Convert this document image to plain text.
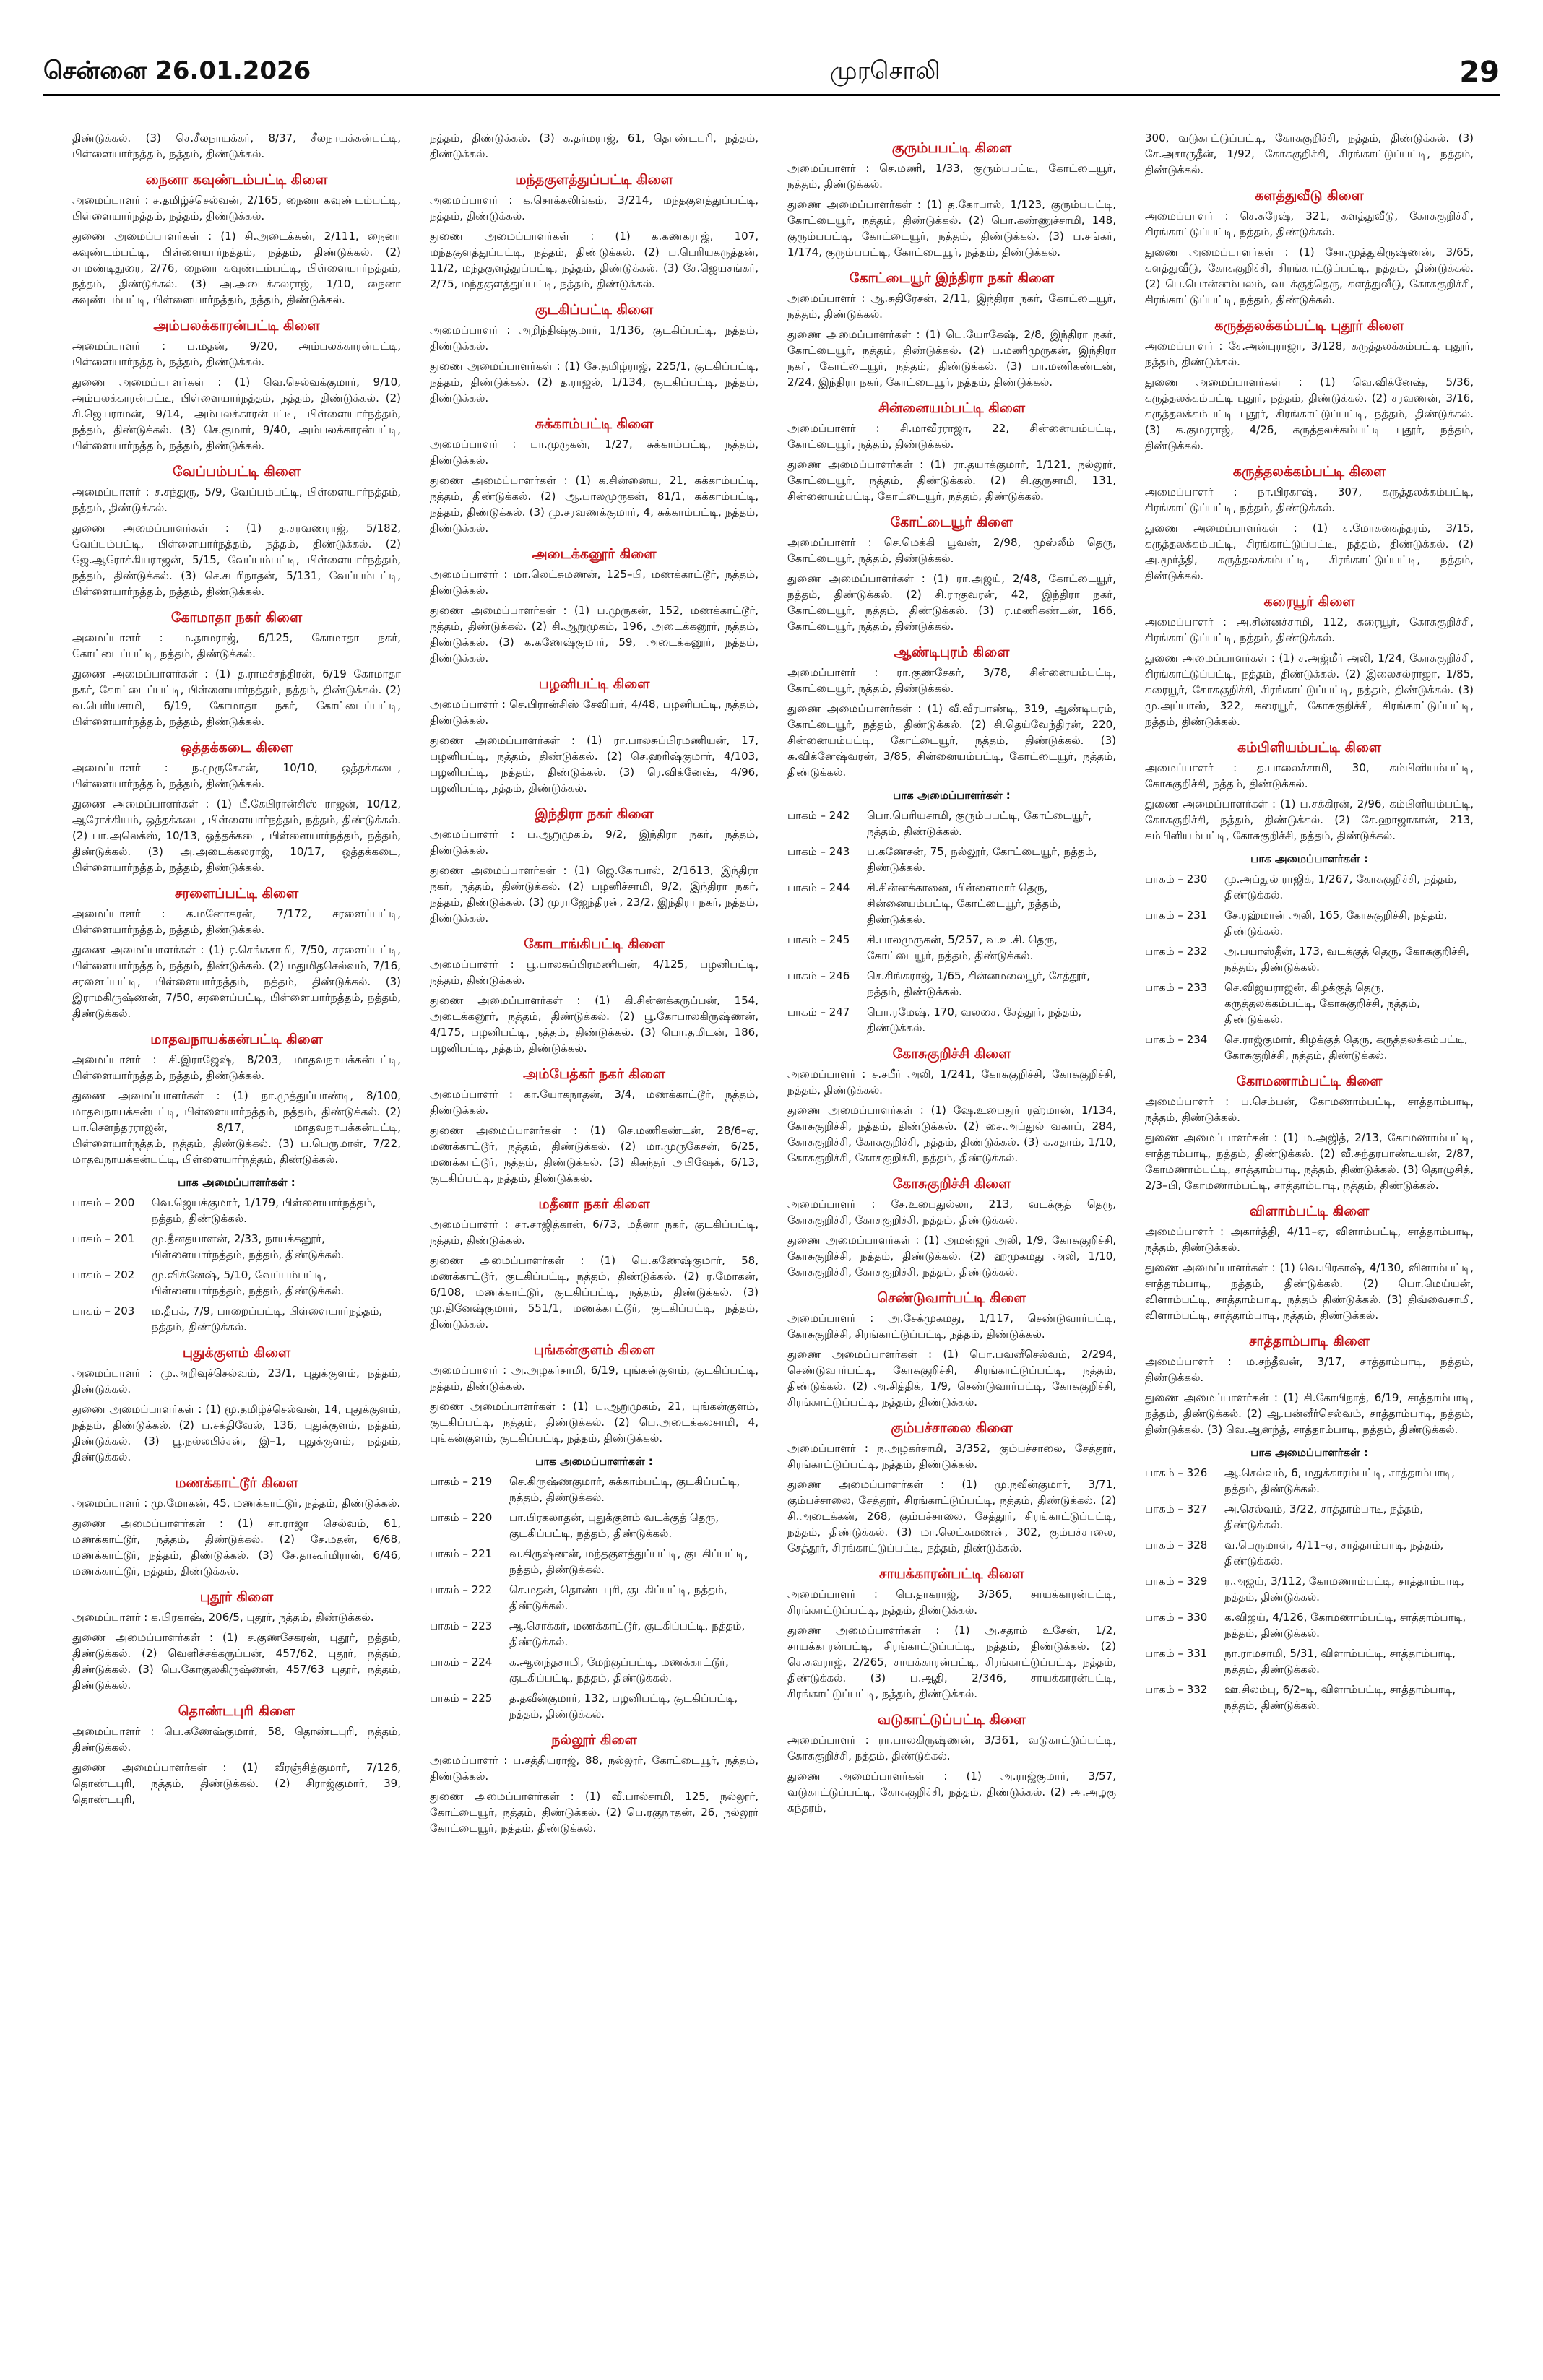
சென்னை 26.01.2026	முரசொலி	29

திண்டுக்கல். (3) செ.சீலநாயக்கர், 8/37, சீலநாயக்கன்பட்டி, பிள்ளையார்நத்தம், நத்தம், திண்டுக்கல்.

நைனா கவுண்டம்பட்டி கிளை

அமைப்பாளர் : ச.தமிழ்ச்செல்வன், 2/165, நைனா கவுண்டம்பட்டி, பிள்ளையார்நத்தம், நத்தம், திண்டுக்கல்.

துணை அமைப்பாளர்கள் : (1) சி.அடைக்கன், 2/111, நைனா கவுண்டம்பட்டி, பிள்ளையார்நத்தம், நத்தம், திண்டுக்கல். (2) சாமண்டிதுரை, 2/76, நைனா கவுண்டம்பட்டி, பிள்ளையார்நத்தம், நத்தம், திண்டுக்கல். (3) அ.அடைக்கலராஜ், 1/10, நைனா கவுண்டம்பட்டி, பிள்ளையார்நத்தம், நத்தம், திண்டுக்கல்.

அம்பலக்காரன்பட்டி கிளை

அமைப்பாளர் : ப.மதன், 9/20, அம்பலக்காரன்பட்டி, பிள்ளையார்நத்தம், நத்தம், திண்டுக்கல்.

துணை அமைப்பாளர்கள் : (1) வெ.செல்வக்குமார், 9/10, அம்பலக்காரன்பட்டி, பிள்ளையார்நத்தம், நத்தம், திண்டுக்கல். (2) சி.ஜெயராமன், 9/14, அம்பலக்காரன்பட்டி, பிள்ளையார்நத்தம், நத்தம், திண்டுக்கல். (3) செ.குமார், 9/40, அம்பலக்காரன்பட்டி, பிள்ளையார்நத்தம், நத்தம், திண்டுக்கல்.

வேப்பம்பட்டி கிளை

அமைப்பாளர் : ச.சந்துரு, 5/9, வேப்பம்பட்டி, பிள்ளையார்நத்தம், நத்தம், திண்டுக்கல்.

துணை அமைப்பாளர்கள் : (1) த.சரவணராஜ், 5/182, வேப்பம்பட்டி, பிள்ளையார்நத்தம், நத்தம், திண்டுக்கல். (2) ஜே.ஆரோக்கியராஜன், 5/15, வேப்பம்பட்டி, பிள்ளையார்நத்தம், நத்தம், திண்டுக்கல். (3) செ.சபரிநாதன், 5/131, வேப்பம்பட்டி, பிள்ளையார்நத்தம், நத்தம், திண்டுக்கல்.

கோமாதா நகர் கிளை

அமைப்பாளர் : ம.தாமராஜ், 6/125, கோமாதா நகர், கோட்டைப்பட்டி, நத்தம், திண்டுக்கல்.

துணை அமைப்பாளர்கள் : (1) த.ராமச்சந்திரன், 6/19 கோமாதா நகர், கோட்டைப்பட்டி, பிள்ளையார்நத்தம், நத்தம், திண்டுக்கல். (2) வ.பெரியசாமி, 6/19, கோமாதா நகர், கோட்டைப்பட்டி, பிள்ளையார்நத்தம், நத்தம், திண்டுக்கல்.

ஒத்தக்கடை கிளை

அமைப்பாளர் : ந.முருகேசன், 10/10, ஒத்தக்கடை, பிள்ளையார்நத்தம், நத்தம், திண்டுக்கல்.

துணை அமைப்பாளர்கள் : (1) பீ.கேபிரான்சிஸ் ராஜன், 10/12, ஆரோக்கியம், ஒத்தக்கடை, பிள்ளையார்நத்தம், நத்தம், திண்டுக்கல். (2) பா.அலெக்ஸ், 10/13, ஒத்தக்கடை, பிள்ளையார்நத்தம், நத்தம், திண்டுக்கல். (3) அ.அடைக்கலராஜ், 10/17, ஒத்தக்கடை, பிள்ளையார்நத்தம், நத்தம், திண்டுக்கல்.

சரளைப்பட்டி கிளை

அமைப்பாளர் : க.மனோகரன், 7/172, சரளைப்பட்டி, பிள்ளையார்நத்தம், நத்தம், திண்டுக்கல்.

துணை அமைப்பாளர்கள் : (1) ர.செங்கசாமி, 7/50, சரளைப்பட்டி, பிள்ளையார்நத்தம், நத்தம், திண்டுக்கல். (2) மதுமிதசெல்வம், 7/16, சரளைப்பட்டி, பிள்ளையார்நத்தம், நத்தம், திண்டுக்கல். (3) இராமகிருஷ்ணன், 7/50, சரளைப்பட்டி, பிள்ளையார்நத்தம், நத்தம், திண்டுக்கல்.

மாதவநாயக்கன்பட்டி கிளை

அமைப்பாளர் : சி.இராஜேஷ், 8/203, மாதவநாயக்கன்பட்டி, பிள்ளையார்நத்தம், நத்தம், திண்டுக்கல்.

துணை அமைப்பாளர்கள் : (1) நா.முத்துப்பாண்டி, 8/100, மாதவநாயக்கன்பட்டி, பிள்ளையார்நத்தம், நத்தம், திண்டுக்கல். (2) பா.செளந்தரராஜன், 8/17, மாதவநாயக்கன்பட்டி, பிள்ளையார்நத்தம், நத்தம், திண்டுக்கல். (3) ப.பெருமாள், 7/22, மாதவநாயக்கன்பட்டி, பிள்ளையார்நத்தம், திண்டுக்கல்.

பாக அமைப்பாளர்கள் :
பாகம் – 200	வெ.ஜெயக்குமார், 1/179, பிள்ளையார்நத்தம், நத்தம், திண்டுக்கல்.
பாகம் – 201	மு.தீனதயாளன், 2/33, நாயக்கனூர், பிள்ளையார்நத்தம், நத்தம், திண்டுக்கல்.
பாகம் – 202	மு.விக்னேஷ், 5/10, வேப்பம்பட்டி, பிள்ளையார்நத்தம், நத்தம், திண்டுக்கல்.
பாகம் – 203	ம.தீபக், 7/9, பாறைப்பட்டி, பிள்ளையார்நத்தம், நத்தம், திண்டுக்கல்.
புதுக்குளம் கிளை

அமைப்பாளர் : மு.அறிவுச்செல்வம், 23/1, புதுக்குளம், நத்தம், திண்டுக்கல்.

துணை அமைப்பாளர்கள் : (1) மூ.தமிழ்ச்செல்வன், 14, புதுக்குளம், நத்தம், திண்டுக்கல். (2) ப.சக்திவேல், 136, புதுக்குளம், நத்தம், திண்டுக்கல். (3) பூ.நல்லபிச்சன், இ–1, புதுக்குளம், நத்தம், திண்டுக்கல்.

மணக்காட்டூர் கிளை

அமைப்பாளர் : மு.மோகன், 45, மணக்காட்டூர், நத்தம், திண்டுக்கல்.

துணை அமைப்பாளர்கள் : (1) சா.ராஜா செல்வம், 61, மணக்காட்டூர், நத்தம், திண்டுக்கல். (2) சே.மதன், 6/68, மணக்காட்டூர், நத்தம், திண்டுக்கல். (3) சே.தாகூர்மிரான், 6/46, மணக்காட்டூர், நத்தம், திண்டுக்கல்.

புதூர் கிளை

அமைப்பாளர் : க.பிரகாஷ், 206/5, புதூர், நத்தம், திண்டுக்கல்.

துணை அமைப்பாளர்கள் : (1) ச.குணசேகரன், புதூர், நத்தம், திண்டுக்கல். (2) வெளிச்சக்கருப்பன், 457/62, புதூர், நத்தம், திண்டுக்கல். (3) பெ.கோகுலகிருஷ்ணன், 457/63 புதூர், நத்தம், திண்டுக்கல்.

தொண்டபுரி கிளை

அமைப்பாளர் : பெ.கணேஷ்குமார், 58, தொண்டபுரி, நத்தம், திண்டுக்கல்.

துணை அமைப்பாளர்கள் : (1) வீரஞ்சித்குமார், 7/126, தொண்டபுரி, நத்தம், திண்டுக்கல். (2) சிராஜ்குமார், 39, தொண்டபுரி,

நத்தம், திண்டுக்கல். (3) க.தர்மராஜ், 61, தொண்டபுரி, நத்தம், திண்டுக்கல்.

மந்தகுளத்துப்பட்டி கிளை

அமைப்பாளர் : க.சொக்கலிங்கம், 3/214, மந்தகுளத்துப்பட்டி, நத்தம், திண்டுக்கல்.

துணை அமைப்பாளர்கள் : (1) க.கணகராஜ், 107, மந்தகுளத்துப்பட்டி, நத்தம், திண்டுக்கல். (2) ப.பெரியகருத்தன், 11/2, மந்தகுளத்துப்பட்டி, நத்தம், திண்டுக்கல். (3) சே.ஜெயசங்கர், 2/75, மந்தகுளத்துப்பட்டி, நத்தம், திண்டுக்கல்.

குடகிப்பட்டி கிளை

அமைப்பாளர் : அறிந்திஷ்குமார், 1/136, குடகிப்பட்டி, நத்தம், திண்டுக்கல்.

துணை அமைப்பாளர்கள் : (1) சே.தமிழ்ராஜ், 225/1, குடகிப்பட்டி, நத்தம், திண்டுக்கல். (2) த.ராஜல், 1/134, குடகிப்பட்டி, நத்தம், திண்டுக்கல்.

சுக்காம்பட்டி கிளை

அமைப்பாளர் : பா.முருகன், 1/27, சுக்காம்பட்டி, நத்தம், திண்டுக்கல்.

துணை அமைப்பாளர்கள் : (1) க.சின்னைய, 21, சுக்காம்பட்டி, நத்தம், திண்டுக்கல். (2) ஆ.பாலமுருகன், 81/1, சுக்காம்பட்டி, நத்தம், திண்டுக்கல். (3) மு.சரவணக்குமார், 4, சுக்காம்பட்டி, நத்தம், திண்டுக்கல்.

அடைக்கனூர் கிளை

அமைப்பாளர் : மா.லெட்சுமணன், 125–பி, மணக்காட்டூர், நத்தம், திண்டுக்கல்.

துணை அமைப்பாளர்கள் : (1) ப.முருகன், 152, மணக்காட்டூர், நத்தம், திண்டுக்கல். (2) சி.ஆறுமுகம், 196, அடைக்கனூர், நத்தம், திண்டுக்கல். (3) க.கணேஷ்குமார், 59, அடைக்கனூர், நத்தம், திண்டுக்கல்.

பழனிபட்டி கிளை

அமைப்பாளர் : செ.பிரான்சிஸ் சேவியர், 4/48, பழனிபட்டி, நத்தம், திண்டுக்கல்.

துணை அமைப்பாளர்கள் : (1) ரா.பாலசுப்பிரமணியன், 17, பழனிபட்டி, நத்தம், திண்டுக்கல். (2) செ.ஹரிஷ்குமார், 4/103, பழனிபட்டி, நத்தம், திண்டுக்கல். (3) ரெ.விக்னேஷ், 4/96, பழனிபட்டி, நத்தம், திண்டுக்கல்.

இந்திரா நகர் கிளை

அமைப்பாளர் : ப.ஆறுமுகம், 9/2, இந்திரா நகர், நத்தம், திண்டுக்கல்.

துணை அமைப்பாளர்கள் : (1) ஜெ.கோபால், 2/1613, இந்திரா நகர், நத்தம், திண்டுக்கல். (2) பழனிச்சாமி, 9/2, இந்திரா நகர், நத்தம், திண்டுக்கல். (3) முராஜேந்திரன், 23/2, இந்திரா நகர், நத்தம், திண்டுக்கல்.

கோடாங்கிபட்டி கிளை

அமைப்பாளர் : பூ.பாலசுப்பிரமணியன், 4/125, பழனிபட்டி, நத்தம், திண்டுக்கல்.

துணை அமைப்பாளர்கள் : (1) கி.சின்னக்கருப்பன், 154, அடைக்கனூர், நத்தம், திண்டுக்கல். (2) பூ.கோபாலகிருஷ்ணன், 4/175, பழனிபட்டி, நத்தம், திண்டுக்கல். (3) பொ.தமிடன், 186, பழனிபட்டி, நத்தம், திண்டுக்கல்.

அம்பேத்கர் நகர் கிளை

அமைப்பாளர் : கா.யோகநாதன், 3/4, மணக்காட்டூர், நத்தம், திண்டுக்கல்.

துணை அமைப்பாளர்கள் : (1) செ.மணிகண்டன், 28/6–ஏ, மணக்காட்டூர், நத்தம், திண்டுக்கல். (2) மா.முருகேசன், 6/25, மணக்காட்டூர், நத்தம், திண்டுக்கல். (3) கிசுந்தர் அபிஷேக், 6/13, குடகிப்பட்டி, நத்தம், திண்டுக்கல்.

மதீனா நகர் கிளை

அமைப்பாளர் : சா.சாஜித்கான், 6/73, மதீனா நகர், குடகிப்பட்டி, நத்தம், திண்டுக்கல்.

துணை அமைப்பாளர்கள் : (1) பெ.கணேஷ்குமார், 58, மணக்காட்டூர், குடகிப்பட்டி, நத்தம், திண்டுக்கல். (2) ர.மோகன், 6/108, மணக்காட்டூர், குடகிப்பட்டி, நத்தம், திண்டுக்கல். (3) மு.தினேஷ்குமார், 551/1, மணக்காட்டூர், குடகிப்பட்டி, நத்தம், திண்டுக்கல்.

புங்கன்குளம் கிளை

அமைப்பாளர் : அ.அழகர்சாமி, 6/19, புங்கன்குளம், குடகிப்பட்டி, நத்தம், திண்டுக்கல்.

துணை அமைப்பாளர்கள் : (1) ப.ஆறுமுகம், 21, புங்கன்குளம், குடகிப்பட்டி, நத்தம், திண்டுக்கல். (2) பெ.அடைக்கலசாமி, 4, புங்கன்குளம், குடகிப்பட்டி, நத்தம், திண்டுக்கல்.

பாக அமைப்பாளர்கள் :
பாகம் – 219	செ.கிருஷ்ணகுமார், சுக்காம்பட்டி, குடகிப்பட்டி, நத்தம், திண்டுக்கல்.
பாகம் – 220	பா.பிரகலாதன், புதுக்குளம் வடக்குத் தெரு, குடகிப்பட்டி, நத்தம், திண்டுக்கல்.
பாகம் – 221	வ.கிருஷ்ணன், மந்தகுளத்துப்பட்டி, குடகிப்பட்டி, நத்தம், திண்டுக்கல்.
பாகம் – 222	செ.மதன், தொண்டபுரி, குடகிப்பட்டி, நத்தம், திண்டுக்கல்.
பாகம் – 223	ஆ.சொக்கர், மணக்காட்டூர், குடகிப்பட்டி, நத்தம், திண்டுக்கல்.
பாகம் – 224	க.ஆனந்தசாமி, மேற்குப்பட்டி, மணக்காட்டூர், குடகிப்பட்டி, நத்தம், திண்டுக்கல்.
பாகம் – 225	த.தவீன்குமார், 132, பழனிபட்டி, குடகிப்பட்டி, நத்தம், திண்டுக்கல்.
நல்லூர் கிளை

அமைப்பாளர் : ப.சத்தியராஜ், 88, நல்லூர், கோட்டையூர், நத்தம், திண்டுக்கல்.

துணை அமைப்பாளர்கள் : (1) வீ.பால்சாமி, 125, நல்லூர், கோட்டையூர், நத்தம், திண்டுக்கல். (2) பெ.ரகுநாதன், 26, நல்லூர் கோட்டையூர், நத்தம், திண்டுக்கல்.

குரும்பபட்டி கிளை

அமைப்பாளர் : செ.மணி, 1/33, குரும்பபட்டி, கோட்டையூர், நத்தம், திண்டுக்கல்.

துணை அமைப்பாளர்கள் : (1) த.கோபால், 1/123, குரும்பபட்டி, கோட்டையூர், நத்தம், திண்டுக்கல். (2) பொ.கண்ணுச்சாமி, 148, குரும்பபட்டி, கோட்டையூர், நத்தம், திண்டுக்கல். (3) ப.சங்கர், 1/174, குரும்பபட்டி, கோட்டையூர், நத்தம், திண்டுக்கல்.

கோட்டையூர் இந்திரா நகர் கிளை

அமைப்பாளர் : ஆ.சுதிரேசன், 2/11, இந்திரா நகர், கோட்டையூர், நத்தம், திண்டுக்கல்.

துணை அமைப்பாளர்கள் : (1) பெ.யோகேஷ், 2/8, இந்திரா நகர், கோட்டையூர், நத்தம், திண்டுக்கல். (2) ப.மணிமுருகன், இந்திரா நகர், கோட்டையூர், நத்தம், திண்டுக்கல். (3) பா.மணிகண்டன், 2/24, இந்திரா நகர், கோட்டையூர், நத்தம், திண்டுக்கல்.

சின்னையம்பட்டி கிளை

அமைப்பாளர் : சி.மாவீரராஜா, 22, சின்னையம்பட்டி, கோட்டையூர், நத்தம், திண்டுக்கல்.

துணை அமைப்பாளர்கள் : (1) ரா.தயாக்குமார், 1/121, நல்லூர், கோட்டையூர், நத்தம், திண்டுக்கல். (2) சி.குருசாமி, 131, சின்னையம்பட்டி, கோட்டையூர், நத்தம், திண்டுக்கல்.

கோட்டையூர் கிளை

அமைப்பாளர் : செ.மெக்கி பூவன், 2/98, முஸ்லீம் தெரு, கோட்டையூர், நத்தம், திண்டுக்கல்.

துணை அமைப்பாளர்கள் : (1) ரா.அஜய், 2/48, கோட்டையூர், நத்தம், திண்டுக்கல். (2) சி.ராகுவரன், 42, இந்திரா நகர், கோட்டையூர், நத்தம், திண்டுக்கல். (3) ர.மணிகண்டன், 166, கோட்டையூர், நத்தம், திண்டுக்கல்.

ஆண்டிபுரம் கிளை

அமைப்பாளர் : ரா.குணசேகர், 3/78, சின்னையம்பட்டி, கோட்டையூர், நத்தம், திண்டுக்கல்.

துணை அமைப்பாளர்கள் : (1) வீ.வீரபாண்டி, 319, ஆண்டிபுரம், கோட்டையூர், நத்தம், திண்டுக்கல். (2) சி.தெய்வேந்திரன், 220, சின்னையம்பட்டி, கோட்டையூர், நத்தம், திண்டுக்கல். (3) சு.விக்னேஷ்வரன், 3/85, சின்னையம்பட்டி, கோட்டையூர், நத்தம், திண்டுக்கல்.

பாக அமைப்பாளர்கள் :
பாகம் – 242	பொ.பெரியசாமி, குரும்பபட்டி, கோட்டையூர், நத்தம், திண்டுக்கல்.
பாகம் – 243	ப.கணேசன், 75, நல்லூர், கோட்டையூர், நத்தம், திண்டுக்கல்.
பாகம் – 244	சி.சின்னக்கானை, பிள்ளைமார் தெரு, சின்னையம்பட்டி, கோட்டையூர், நத்தம், திண்டுக்கல்.
பாகம் – 245	சி.பாலமுருகன், 5/257, வ.உ.சி. தெரு, கோட்டையூர், நத்தம், திண்டுக்கல்.
பாகம் – 246	செ.சிங்கராஜ், 1/65, சின்னமலையூர், சேத்தூர், நத்தம், திண்டுக்கல்.
பாகம் – 247	பொ.ரமேஷ், 170, வலசை, சேத்தூர், நத்தம், திண்டுக்கல்.
கோசுகுறிச்சி கிளை

அமைப்பாளர் : ச.சபீர் அலி, 1/241, கோசுகுறிச்சி, கோசுகுறிச்சி, நத்தம், திண்டுக்கல்.

துணை அமைப்பாளர்கள் : (1) ஷே.உபைதுர் ரஹ்மான், 1/134, கோசுகுறிச்சி, நத்தம், திண்டுக்கல். (2) சை.அப்துல் வகாப், 284, கோசுகுறிச்சி, கோசுகுறிச்சி, நத்தம், திண்டுக்கல். (3) க.சதாம், 1/10, கோசுகுறிச்சி, கோசுகுறிச்சி, நத்தம், திண்டுக்கல்.

கோசுகுறிச்சி கிளை

அமைப்பாளர் : சே.உபைதுல்லா, 213, வடக்குத் தெரு, கோசுகுறிச்சி, கோசுகுறிச்சி, நத்தம், திண்டுக்கல்.

துணை அமைப்பாளர்கள் : (1) அமன்ஜர் அலி, 1/9, கோசுகுறிச்சி, கோசுகுறிச்சி, நத்தம், திண்டுக்கல். (2) ஹமுகமது அலி, 1/10, கோசுகுறிச்சி, கோசுகுறிச்சி, நத்தம், திண்டுக்கல்.

செண்டுவார்பட்டி கிளை

அமைப்பாளர் : அ.சேக்முகமது, 1/117, செண்டுவார்பட்டி, கோசுகுறிச்சி, சிரங்காட்டுப்பட்டி, நத்தம், திண்டுக்கல்.

துணை அமைப்பாளர்கள் : (1) பொ.பவனீசெல்வம், 2/294, செண்டுவார்பட்டி, கோசுகுறிச்சி, சிரங்காட்டுப்பட்டி, நத்தம், திண்டுக்கல். (2) அ.சித்திக், 1/9, செண்டுவார்பட்டி, கோசுகுறிச்சி, சிரங்காட்டுப்பட்டி, நத்தம், திண்டுக்கல்.

கும்பச்சாலை கிளை

அமைப்பாளர் : ந.அழகர்சாமி, 3/352, கும்பச்சாலை, சேத்தூர், சிரங்காட்டுப்பட்டி, நத்தம், திண்டுக்கல்.

துணை அமைப்பாளர்கள் : (1) மு.நவீன்குமார், 3/71, கும்பச்சாலை, சேத்தூர், சிரங்காட்டுப்பட்டி, நத்தம், திண்டுக்கல். (2) சி.அடைக்கன், 268, கும்பச்சாலை, சேத்தூர், சிரங்காட்டுப்பட்டி, நத்தம், திண்டுக்கல். (3) மா.லெட்சுமணன், 302, கும்பச்சாலை, சேத்தூர், சிரங்காட்டுப்பட்டி, நத்தம், திண்டுக்கல்.

சாயக்காரன்பட்டி கிளை

அமைப்பாளர் : பெ.தாகராஜ், 3/365, சாயக்காரன்பட்டி, சிரங்காட்டுப்பட்டி, நத்தம், திண்டுக்கல்.

துணை அமைப்பாளர்கள் : (1) அ.சதாம் உசேன், 1/2, சாயக்காரன்பட்டி, சிரங்காட்டுப்பட்டி, நத்தம், திண்டுக்கல். (2) செ.சுவராஜ், 2/265, சாயக்காரன்பட்டி, சிரங்காட்டுப்பட்டி, நத்தம், திண்டுக்கல். (3) ப.ஆதி, 2/346, சாயக்காரன்பட்டி, சிரங்காட்டுப்பட்டி, நத்தம், திண்டுக்கல்.

வடுகாட்டுப்பட்டி கிளை

அமைப்பாளர் : ரா.பாலகிருஷ்ணன், 3/361, வடுகாட்டுப்பட்டி, கோசுகுறிச்சி, நத்தம், திண்டுக்கல்.

துணை அமைப்பாளர்கள் : (1) அ.ராஜ்குமார், 3/57, வடுகாட்டுப்பட்டி, கோசுகுறிச்சி, நத்தம், திண்டுக்கல். (2) அ.அழகு சுந்தரம்,

300, வடுகாட்டுப்பட்டி, கோசுகுறிச்சி, நத்தம், திண்டுக்கல். (3) சே.அசாருதீன், 1/92, கோசுகுறிச்சி, சிரங்காட்டுப்பட்டி, நத்தம், திண்டுக்கல்.

களத்துவீடு கிளை

அமைப்பாளர் : செ.சுரேஷ், 321, களத்துவீடு, கோசுகுறிச்சி, சிரங்காட்டுப்பட்டி, நத்தம், திண்டுக்கல்.

துணை அமைப்பாளர்கள் : (1) சோ.முத்துகிருஷ்ணன், 3/65, களத்துவீடு, கோசுகுறிச்சி, சிரங்காட்டுப்பட்டி, நத்தம், திண்டுக்கல். (2) பெ.பொன்னம்பலம், வடக்குத்தெரு, களத்துவீடு, கோசுகுறிச்சி, சிரங்காட்டுப்பட்டி, நத்தம், திண்டுக்கல்.

கருத்தலக்கம்பட்டி புதூர் கிளை

அமைப்பாளர் : சே.அன்புராஜா, 3/128, கருத்தலக்கம்பட்டி புதூர், நத்தம், திண்டுக்கல்.

துணை அமைப்பாளர்கள் : (1) வெ.விக்னேஷ், 5/36, கருத்தலக்கம்பட்டி புதூர், நத்தம், திண்டுக்கல். (2) சரவணன், 3/16, கருத்தலக்கம்பட்டி புதூர், சிரங்காட்டுப்பட்டி, நத்தம், திண்டுக்கல். (3) க.குமரராஜ், 4/26, கருத்தலக்கம்பட்டி புதூர், நத்தம், திண்டுக்கல்.

கருத்தலக்கம்பட்டி கிளை

அமைப்பாளர் : நா.பிரகாஷ், 307, கருத்தலக்கம்பட்டி, சிரங்காட்டுப்பட்டி, நத்தம், திண்டுக்கல்.

துணை அமைப்பாளர்கள் : (1) ச.மோகனசுந்தரம், 3/15, கருத்தலக்கம்பட்டி, சிரங்காட்டுப்பட்டி, நத்தம், திண்டுக்கல். (2) அ.மூர்த்தி, கருத்தலக்கம்பட்டி, சிரங்காட்டுப்பட்டி, நத்தம், திண்டுக்கல்.

கரையூர் கிளை

அமைப்பாளர் : அ.சின்னச்சாமி, 112, கரையூர், கோசுகுறிச்சி, சிரங்காட்டுப்பட்டி, நத்தம், திண்டுக்கல்.

துணை அமைப்பாளர்கள் : (1) ச.அஜ்மீர் அலி, 1/24, கோசுகுறிச்சி, சிரங்காட்டுப்பட்டி, நத்தம், திண்டுக்கல். (2) இலைசல்ராஜா, 1/85, கரையூர், கோசுகுறிச்சி, சிரங்காட்டுப்பட்டி, நத்தம், திண்டுக்கல். (3) மு.அப்பாஸ், 322, கரையூர், கோசுகுறிச்சி, சிரங்காட்டுப்பட்டி, நத்தம், திண்டுக்கல்.

கம்பிளியம்பட்டி கிளை

அமைப்பாளர் : த.பாலைச்சாமி, 30, கம்பிளியம்பட்டி, கோசுகுறிச்சி, நத்தம், திண்டுக்கல்.

துணை அமைப்பாளர்கள் : (1) ப.சக்கிரன், 2/96, கம்பிளியம்பட்டி, கோசுகுறிச்சி, நத்தம், திண்டுக்கல். (2) சே.ஹாஜாகான், 213, கம்பிளியம்பட்டி, கோசுகுறிச்சி, நத்தம், திண்டுக்கல்.

பாக அமைப்பாளர்கள் :
பாகம் – 230	மு.அப்துல் ராஜிக், 1/267, கோசுகுறிச்சி, நத்தம், திண்டுக்கல்.
பாகம் – 231	சே.ரஹ்மான் அலி, 165, கோசுகுறிச்சி, நத்தம், திண்டுக்கல்.
பாகம் – 232	அ.பயாஸ்தீன், 173, வடக்குத் தெரு, கோசுகுறிச்சி, நத்தம், திண்டுக்கல்.
பாகம் – 233	செ.விஜயராஜன், கிழக்குத் தெரு, கருத்தலக்கம்பட்டி, கோசுகுறிச்சி, நத்தம், திண்டுக்கல்.
பாகம் – 234	செ.ராஜ்குமார், கிழக்குத் தெரு, கருத்தலக்கம்பட்டி, கோசுகுறிச்சி, நத்தம், திண்டுக்கல்.
கோமணாம்பட்டி கிளை

அமைப்பாளர் : ப.செம்பன், கோமணாம்பட்டி, சாத்தாம்பாடி, நத்தம், திண்டுக்கல்.

துணை அமைப்பாளர்கள் : (1) ம.அஜித், 2/13, கோமணாம்பட்டி, சாத்தாம்பாடி, நத்தம், திண்டுக்கல். (2) வீ.சுந்தரபாண்டியன், 2/87, கோமணாம்பட்டி, சாத்தாம்பாடி, நத்தம், திண்டுக்கல். (3) தொழுசித், 2/3–பி, கோமணாம்பட்டி, சாத்தாம்பாடி, நத்தம், திண்டுக்கல்.

விளாம்பட்டி கிளை

அமைப்பாளர் : அகார்த்தி, 4/11–ஏ, விளாம்பட்டி, சாத்தாம்பாடி, நத்தம், திண்டுக்கல்.

துணை அமைப்பாளர்கள் : (1) வெ.பிரகாஷ், 4/130, விளாம்பட்டி, சாத்தாம்பாடி, நத்தம், திண்டுக்கல். (2) பொ.மெய்யன், விளாம்பட்டி, சாத்தாம்பாடி, நத்தம் திண்டுக்கல். (3) திவ்வைசாமி, விளாம்பட்டி, சாத்தாம்பாடி, நத்தம், திண்டுக்கல்.

சாத்தாம்பாடி கிளை

அமைப்பாளர் : ம.சந்தீவன், 3/17, சாத்தாம்பாடி, நத்தம், திண்டுக்கல்.

துணை அமைப்பாளர்கள் : (1) சி.கோபிநாத், 6/19, சாத்தாம்பாடி, நத்தம், திண்டுக்கல். (2) ஆ.பன்னீர்செல்வம், சாத்தாம்பாடி, நத்தம், திண்டுக்கல். (3) வெ.ஆனந்த், சாத்தாம்பாடி, நத்தம், திண்டுக்கல்.

பாக அமைப்பாளர்கள் :
பாகம் – 326	ஆ.செல்வம், 6, மதுக்காரம்பட்டி, சாத்தாம்பாடி, நத்தம், திண்டுக்கல்.
பாகம் – 327	அ.செல்வம், 3/22, சாத்தாம்பாடி, நத்தம், திண்டுக்கல்.
பாகம் – 328	வ.பெருமாள், 4/11–ஏ, சாத்தாம்பாடி, நத்தம், திண்டுக்கல்.
பாகம் – 329	ர.அஜய், 3/112, கோமணாம்பட்டி, சாத்தாம்பாடி, நத்தம், திண்டுக்கல்.
பாகம் – 330	க.விஜய், 4/126, கோமணாம்பட்டி, சாத்தாம்பாடி, நத்தம், திண்டுக்கல்.
பாகம் – 331	நா.ராமசாமி, 5/31, விளாம்பட்டி, சாத்தாம்பாடி, நத்தம், திண்டுக்கல்.
பாகம் – 332	ஊ.சிலம்பு, 6/2–டி, விளாம்பட்டி, சாத்தாம்பாடி, நத்தம், திண்டுக்கல்.
